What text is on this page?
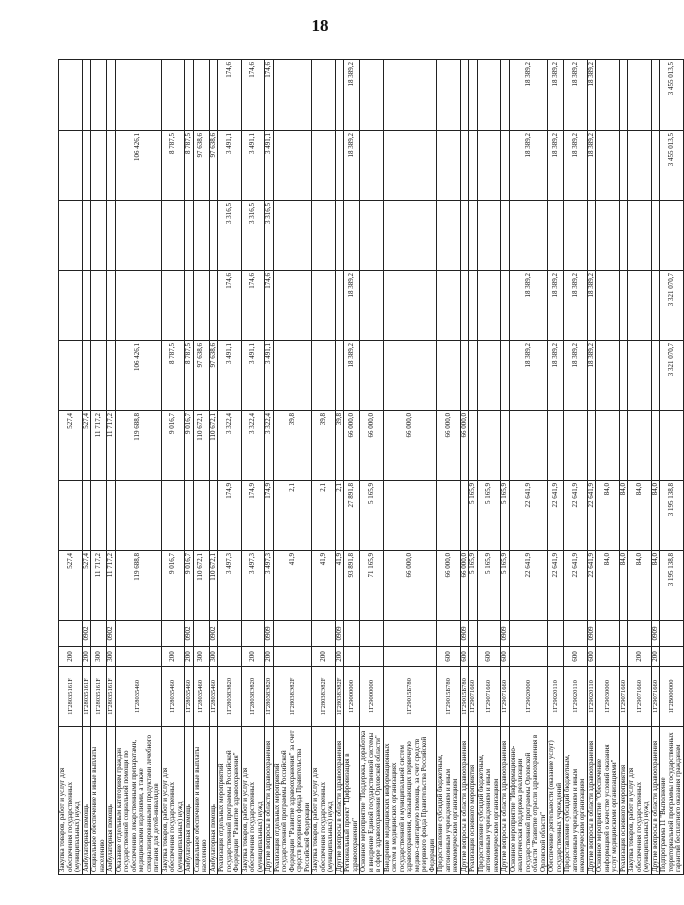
18
Закупка товаров, работ и услуг для обеспечения государственных (муниципальных) нужд	1Г28035161F	200		527,4		527,4					
Амбулаторная помощь	1Г28035161F	200	0902	527,4		527,4					
Социальное обеспечение и иные выплаты населению	1Г28035161F	300		11 717,2		11 717,2					
Амбулаторная помощь	1Г28035161F	300	0902	11 717,2		11 717,2					
Оказание отдельным категориям граждан государственной социальной помощи по обеспечению лекарственными препаратами, медицинскими изделиями, а также специализированными продуктами лечебного питания для детей-инвалидов	1Г28035460			119 688,8		119 688,8	106 426,1			106 426,1	
Закупка товаров, работ и услуг для обеспечения государственных (муниципальных) нужд	1Г28035460	200		9 016,7		9 016,7	8 787,5			8 787,5	
Амбулаторная помощь	1Г28035460	200	0902	9 016,7		9 016,7	8 787,5			8 787,5	
Социальное обеспечение и иные выплаты населению	1Г28035460	300		110 672,1		110 672,1	97 638,6			97 638,6	
Амбулаторная помощь	1Г28035460	300	0902	110 672,1		110 672,1	97 638,6			97 638,6	
Реализация отдельных мероприятий государственной программы Российской Федерации "Развитие здравоохранения"	1Г28038Э820			3 497,3	174,9	3 322,4	3 491,1	174,6	3 316,5	3 491,1	174,6
Закупка товаров, работ и услуг для обеспечения государственных (муниципальных) нужд	1Г28038Э820	200		3 497,3	174,9	3 322,4	3 491,1	174,6	3 316,5	3 491,1	174,6
Другие вопросы в области здравоохранения	1Г28038Э820	200	0909	3 497,3	174,9	3 322,4	3 491,1	174,6	3 316,5	3 491,1	174,6
Реализация отдельных мероприятий государственной программы Российской Федерации "Развитие здравоохранения" за счет средств резервного фонда Правительства Российской Федерации	1Г28038Э82F			41,9	2,1	39,8					
Закупка товаров, работ и услуг для обеспечения государственных (муниципальных) нужд	1Г28038Э82F	200		41,9	2,1	39,8					
Другие вопросы в области здравоохранения	1Г28038Э82F	200	0909	41,9	2,1	39,8					
Региональный проект "Цифровизация в здравоохранении"	1Г29000000			93 891,8	27 891,8	66 000,0	18 389,2	18 389,2		18 389,2	18 389,2
Основное мероприятие "Поддержка, доработка и внедрение Единой государственной системы в сфере здравоохранения Орловской области"	1Г29000000			71 165,9	5 165,9	66 000,0					
Внедрение медицинских информационных систем в медицинских организациях государственной и муниципальной систем здравоохранения, оказывающих первичную медико-санитарную помощь, за счет средств резервного фонда Правительства Российской Федерации	1Г29015Б780			66 000,0		66 000,0					
Предоставление субсидий бюджетным, автономным учреждениям и иным некоммерческим организациям	1Г29015Б780	600		66 000,0		66 000,0					
Другие вопросы в области здравоохранения	1Г29015Б780	600	0909	66 000,0		66 000,0					
Реализация основного мероприятия	1Г29071660			5 165,9	5 165,9						
Предоставление субсидий бюджетным, автономным учреждениям и иным некоммерческим организациям	1Г29071660	600		5 165,9	5 165,9						
Другие вопросы в области здравоохранения	1Г29071660	600	0909	5 165,9	5 165,9						
Основное мероприятие "Информационно-аналитическая поддержка реализации государственной программы Орловской области "Развитие отрасли здравоохранения в Орловской области"	1Г29020000			22 641,9	22 641,9		18 389,2	18 389,2		18 389,2	18 389,2
Обеспечение деятельности (оказание услуг) государственных учреждений	1Г29020110			22 641,9	22 641,9		18 389,2	18 389,2		18 389,2	18 389,2
Предоставление субсидий бюджетным, автономным учреждениям и иным некоммерческим организациям	1Г29020110	600		22 641,9	22 641,9		18 389,2	18 389,2		18 389,2	18 389,2
Другие вопросы в области здравоохранения	1Г29020110	600	0909	22 641,9	22 641,9		18 389,2	18 389,2		18 389,2	18 389,2
Основное мероприятие "Обеспечение информацией о качестве условий оказания услуг медицинскими организациями"	1Г29030000			84,0	84,0						
Реализация основного мероприятия	1Г29071660			84,0	84,0						
Закупка товаров, работ и услуг для обеспечения государственных (муниципальных) нужд	1Г29071660	200		84,0	84,0						
Другие вопросы в области здравоохранения	1Г29071660	200	0909	84,0	84,0						
Подпрограмма 11 "Выполнение территориальной программы государственных гарантий бесплатного оказания гражданам	1Г2В000000			3 195 138,8	3 195 138,8		3 321 070,7	3 321 070,7		3 455 013,5	3 455 013,5
